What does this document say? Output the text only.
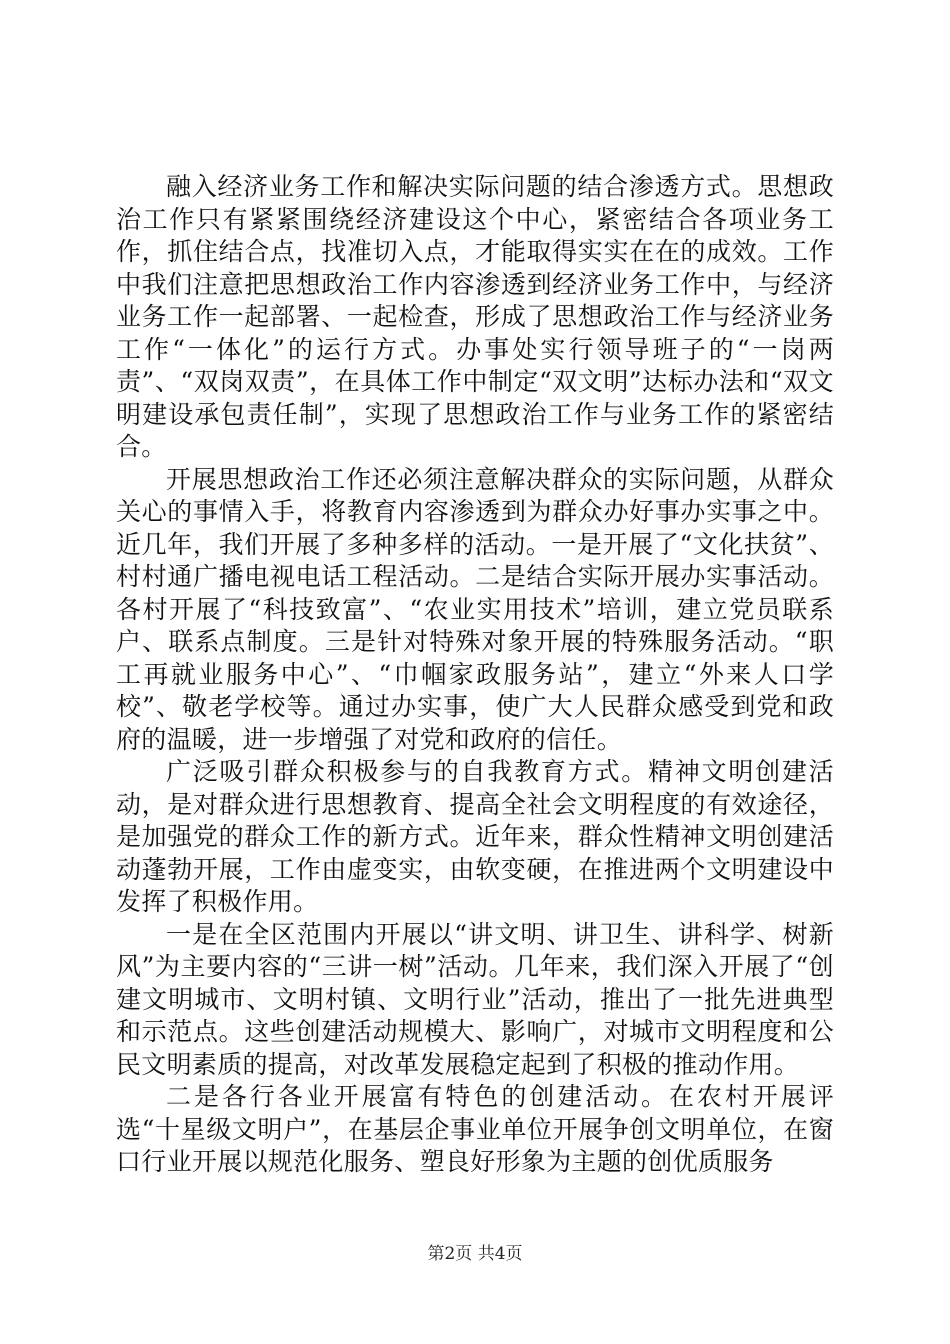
融入经济业务工作和解决实际问题的结合渗透方式。思想政治工作只有紧紧围绕经济建设这个中心，紧密结合各项业务工作，抓住结合点，找准切入点，才能取得实实在在的成效。工作中我们注意把思想政治工作内容渗透到经济业务工作中，与经济业务工作一起部署、一起检查，形成了思想政治工作与经济业务工作“一体化”的运行方式。办事处实行领导班子的“一岗两责”、“双岗双责”，在具体工作中制定“双文明”达标办法和“双文明建设承包责任制”，实现了思想政治工作与业务工作的紧密结合。

开展思想政治工作还必须注意解决群众的实际问题，从群众关心的事情入手，将教育内容渗透到为群众办好事办实事之中。近几年，我们开展了多种多样的活动。一是开展了“文化扶贫”、村村通广播电视电话工程活动。二是结合实际开展办实事活动。各村开展了“科技致富”、“农业实用技术”培训，建立党员联系户、联系点制度。三是针对特殊对象开展的特殊服务活动。“职工再就业服务中心”、“巾帼家政服务站”，建立“外来人口学校”、敬老学校等。通过办实事，使广大人民群众感受到党和政府的温暖，进一步增强了对党和政府的信任。

广泛吸引群众积极参与的自我教育方式。精神文明创建活动，是对群众进行思想教育、提高全社会文明程度的有效途径，是加强党的群众工作的新方式。近年来，群众性精神文明创建活动蓬勃开展，工作由虚变实，由软变硬，在推进两个文明建设中发挥了积极作用。

一是在全区范围内开展以“讲文明、讲卫生、讲科学、树新风”为主要内容的“三讲一树”活动。几年来，我们深入开展了“创建文明城市、文明村镇、文明行业”活动，推出了一批先进典型和示范点。这些创建活动规模大、影响广，对城市文明程度和公民文明素质的提高，对改革发展稳定起到了积极的推动作用。

二是各行各业开展富有特色的创建活动。在农村开展评选“十星级文明户”，在基层企事业单位开展争创文明单位，在窗口行业开展以规范化服务、塑良好形象为主题的创优质服务

第2页 共4页
